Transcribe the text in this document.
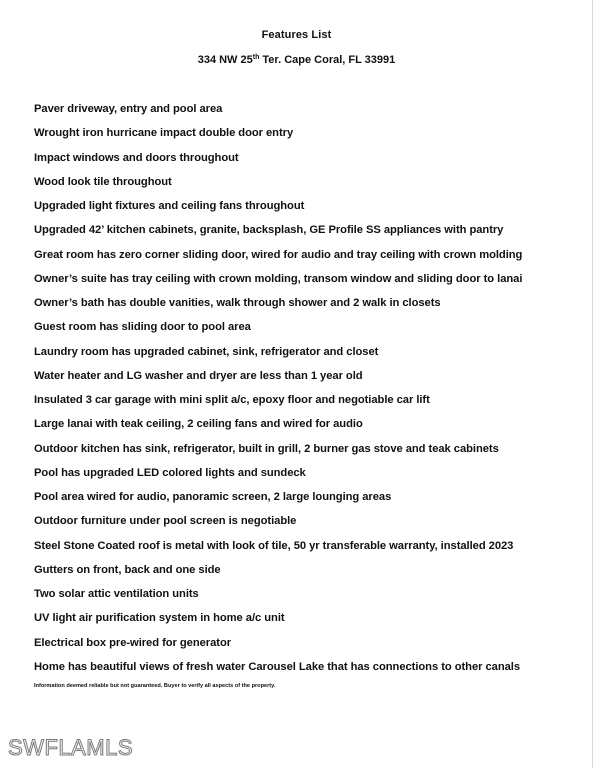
Features List
334 NW 25th Ter. Cape Coral, FL 33991
Paver driveway, entry and pool area
Wrought iron hurricane impact double door entry
Impact windows and doors throughout
Wood look tile throughout
Upgraded light fixtures and ceiling fans throughout
Upgraded 42’ kitchen cabinets, granite, backsplash, GE Profile SS appliances with pantry
Great room has zero corner sliding door, wired for audio and tray ceiling with crown molding
Owner’s suite has tray ceiling with crown molding, transom window and sliding door to lanai
Owner’s bath has double vanities, walk through shower and 2 walk in closets
Guest room has sliding door to pool area
Laundry room has upgraded cabinet, sink, refrigerator and closet
Water heater and LG washer and dryer are less than 1 year old
Insulated 3 car garage with mini split a/c, epoxy floor and negotiable car lift
Large lanai with teak ceiling, 2 ceiling fans and wired for audio
Outdoor kitchen has sink, refrigerator, built in grill, 2 burner gas stove and teak cabinets
Pool has upgraded LED colored lights and sundeck
Pool area wired for audio, panoramic screen, 2 large lounging areas
Outdoor furniture under pool screen is negotiable
Steel Stone Coated roof is metal with look of tile, 50 yr transferable warranty, installed 2023
Gutters on front, back and one side
Two solar attic ventilation units
UV light air purification system in home a/c unit
Electrical box pre-wired for generator
Home has beautiful views of fresh water Carousel Lake that has connections to other canals
Information deemed reliable but not guaranteed. Buyer to verify all aspects of the property.
SWFLAMLS
